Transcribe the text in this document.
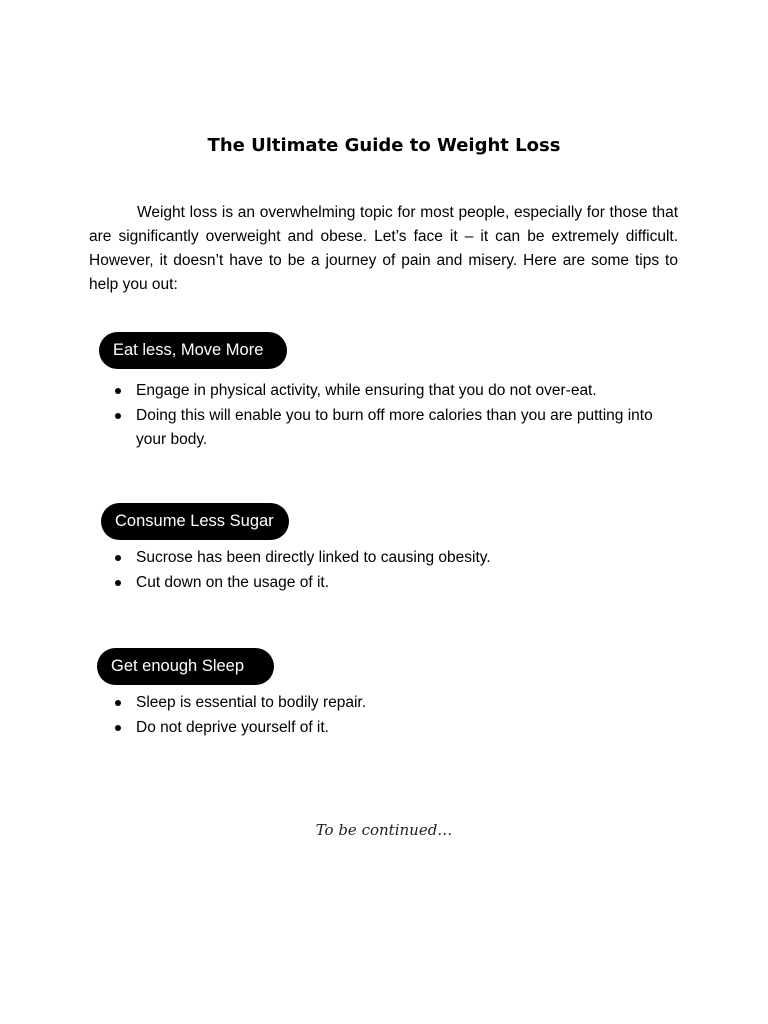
The Ultimate Guide to Weight Loss

Weight loss is an overwhelming topic for most people, especially for those that are significantly overweight and obese. Let’s face it – it can be extremely difficult. However, it doesn’t have to be a journey of pain and misery. Here are some tips to help you out:

Eat less, Move More
Engage in physical activity, while ensuring that you do not over-eat.
Doing this will enable you to burn off more calories than you are putting into your body.
Consume Less Sugar
Sucrose has been directly linked to causing obesity.
Cut down on the usage of it.
Get enough Sleep
Sleep is essential to bodily repair.
Do not deprive yourself of it.

To be continued…
